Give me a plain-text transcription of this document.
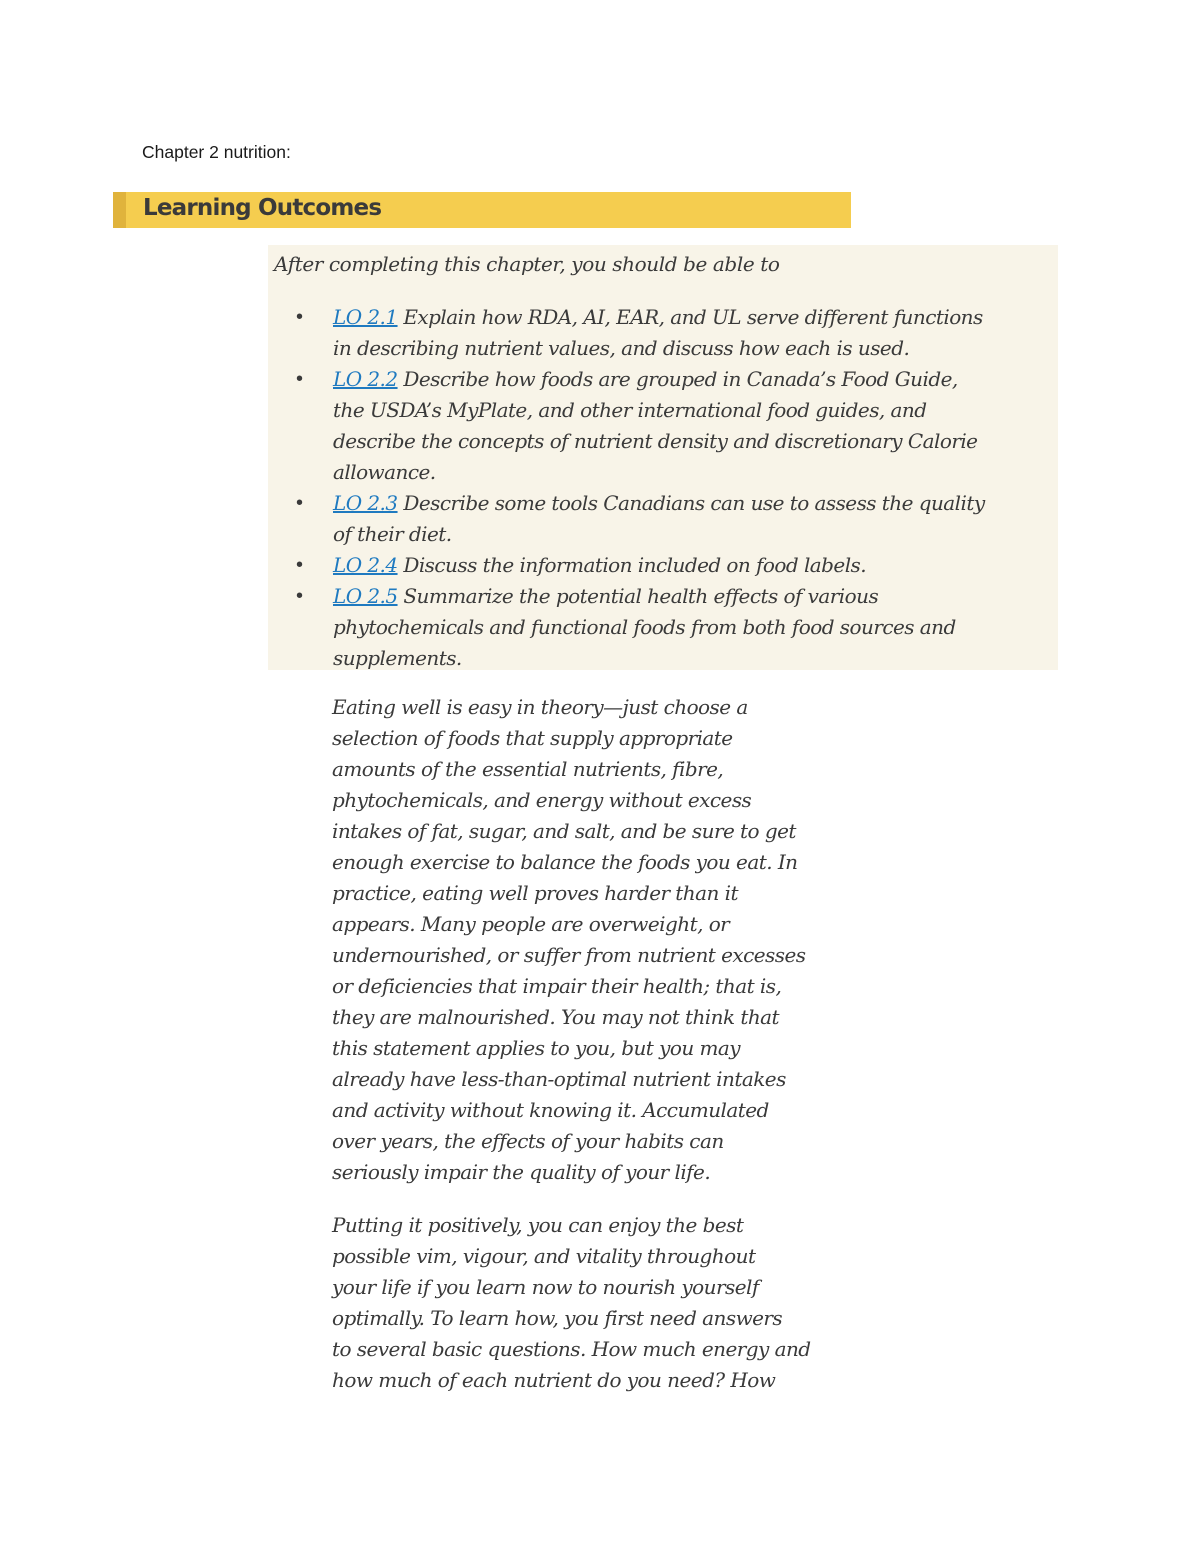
Chapter 2 nutrition:
Learning Outcomes
After completing this chapter, you should be able to
• LO 2.1 Explain how RDA, AI, EAR, and UL serve different functions
in describing nutrient values, and discuss how each is used.
• LO 2.2 Describe how foods are grouped in Canada’s Food Guide,
the USDA’s MyPlate, and other international food guides, and
describe the concepts of nutrient density and discretionary Calorie
allowance.
• LO 2.3 Describe some tools Canadians can use to assess the quality
of their diet.
• LO 2.4 Discuss the information included on food labels.
• LO 2.5 Summarize the potential health effects of various
phytochemicals and functional foods from both food sources and
supplements.
Eating well is easy in theory—just choose a
selection of foods that supply appropriate
amounts of the essential nutrients, fibre,
phytochemicals, and energy without excess
intakes of fat, sugar, and salt, and be sure to get
enough exercise to balance the foods you eat. In
practice, eating well proves harder than it
appears. Many people are overweight, or
undernourished, or suffer from nutrient excesses
or deficiencies that impair their health; that is,
they are malnourished. You may not think that
this statement applies to you, but you may
already have less-than-optimal nutrient intakes
and activity without knowing it. Accumulated
over years, the effects of your habits can
seriously impair the quality of your life.
Putting it positively, you can enjoy the best
possible vim, vigour, and vitality throughout
your life if you learn now to nourish yourself
optimally. To learn how, you first need answers
to several basic questions. How much energy and
how much of each nutrient do you need? How
